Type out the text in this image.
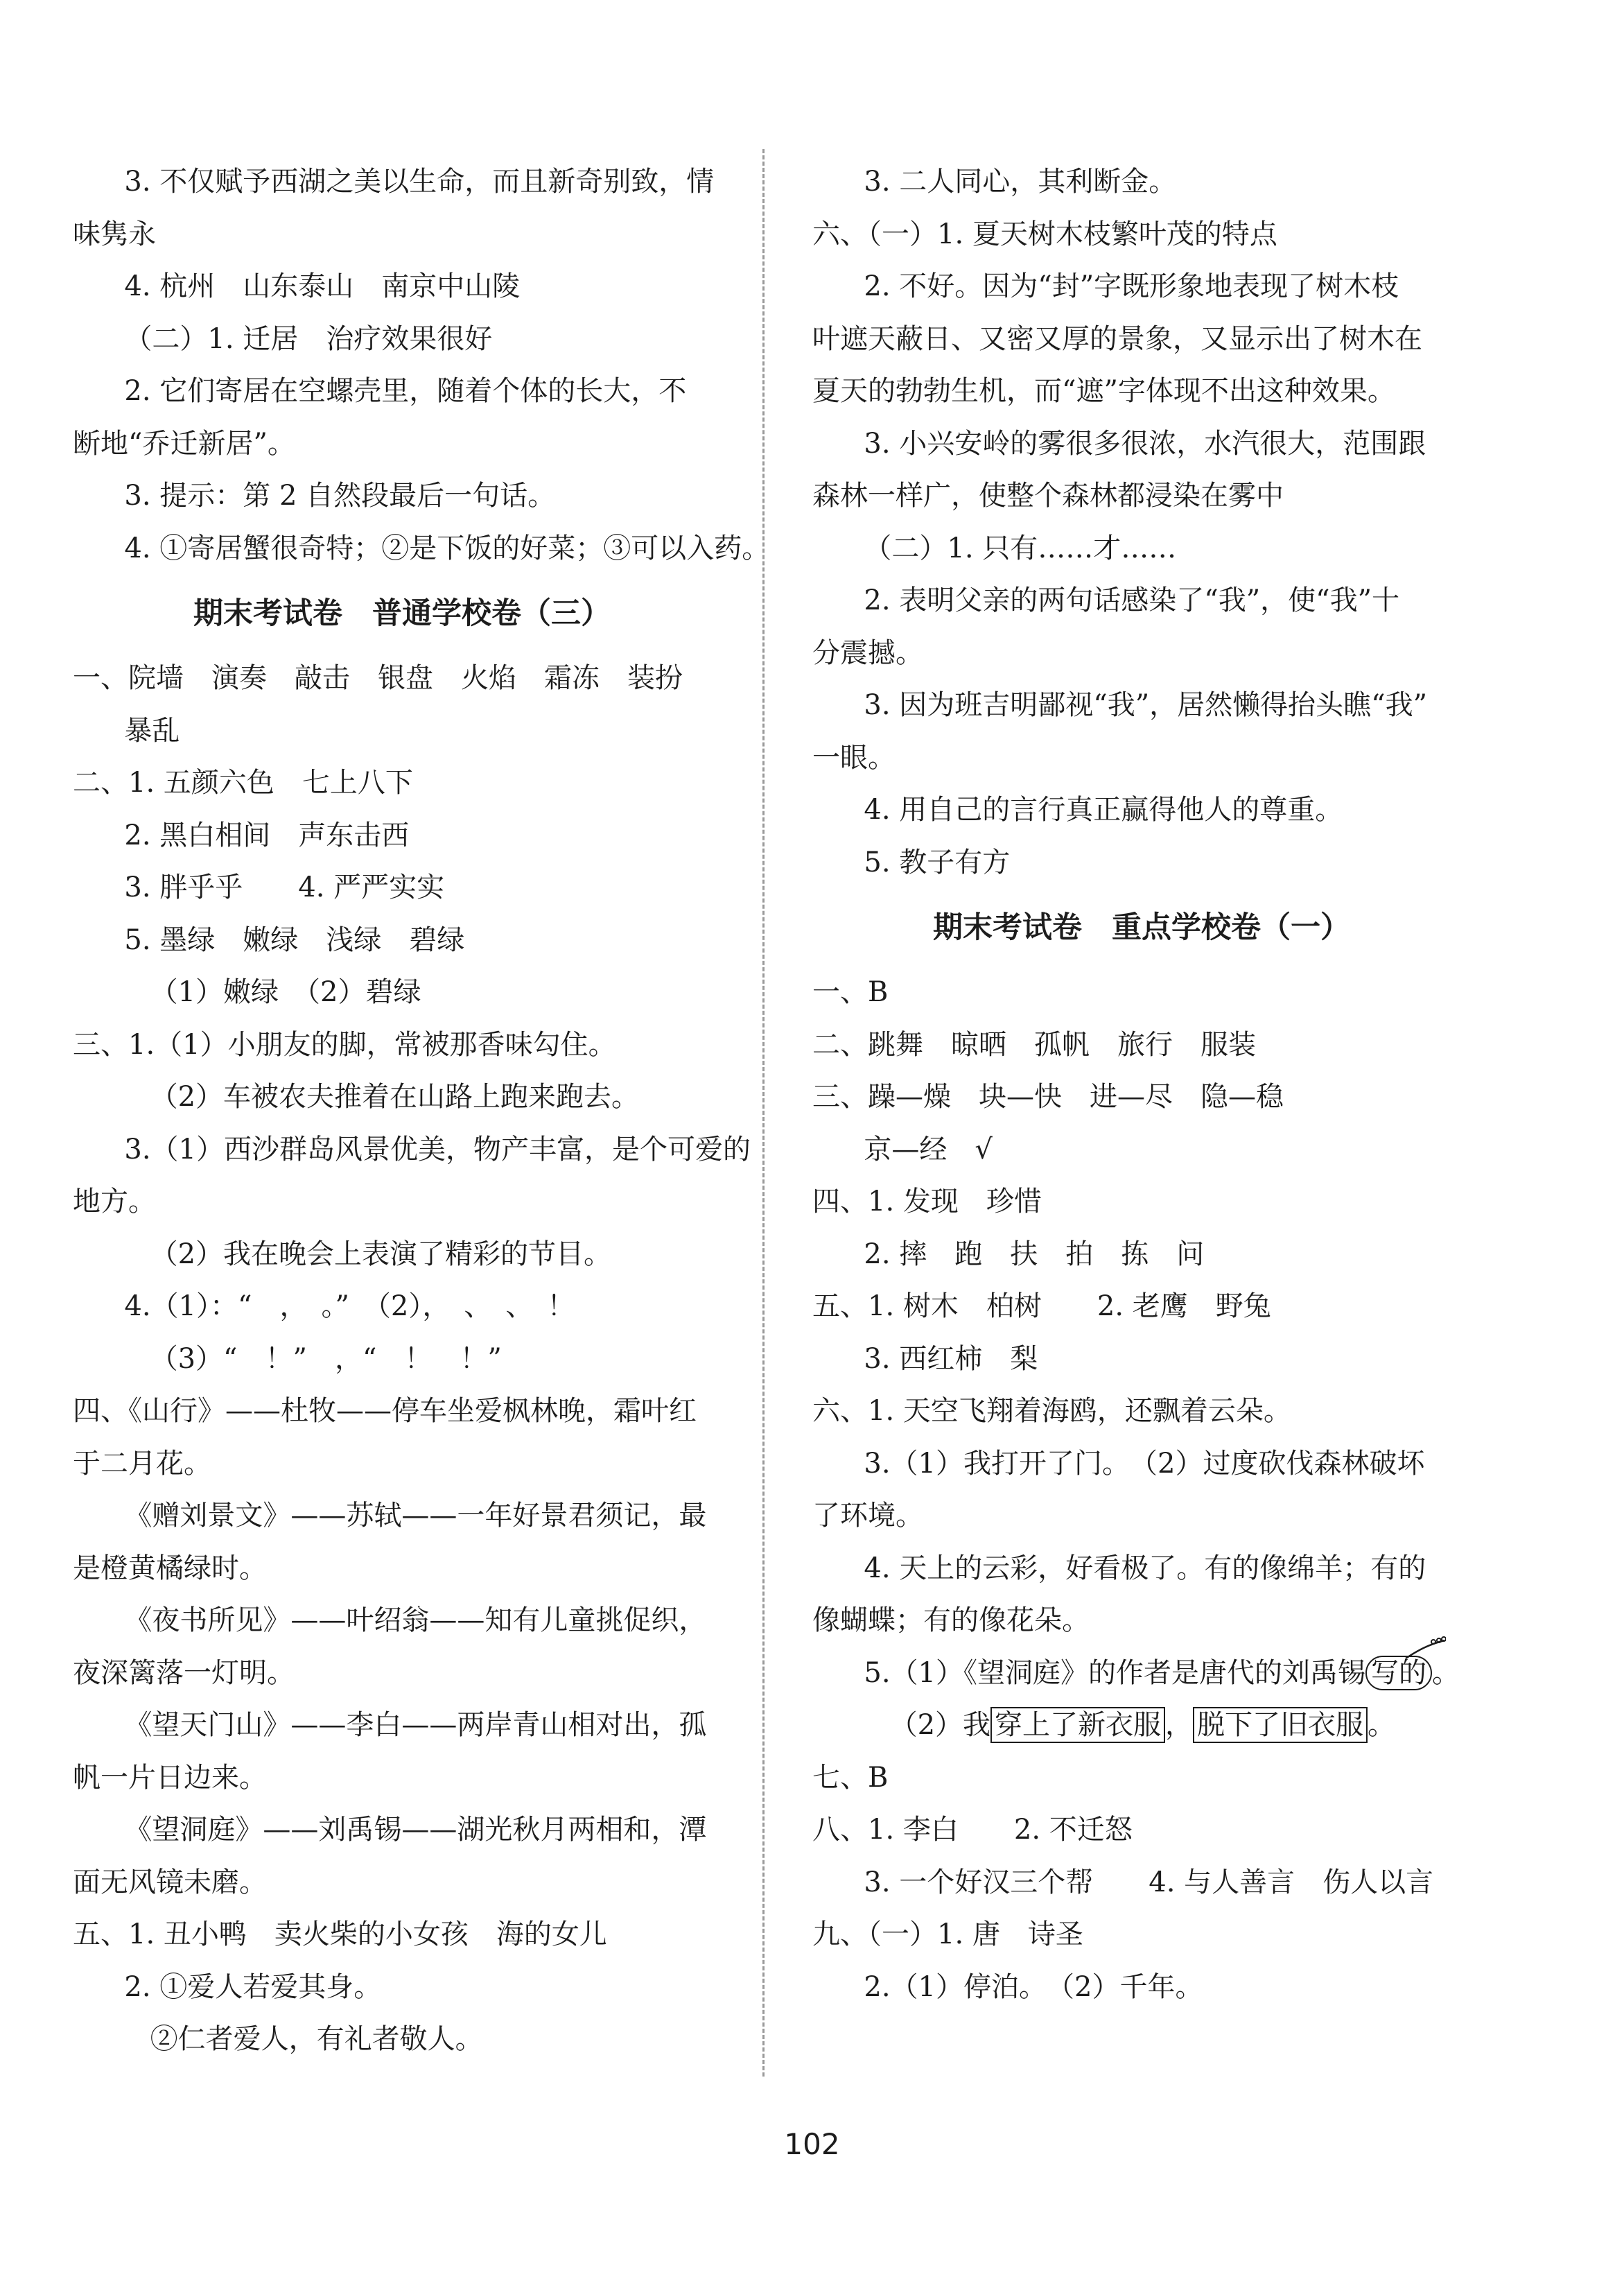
3. 不仅赋予西湖之美以生命，而且新奇别致，情
味隽永
4. 杭州　山东泰山　南京中山陵
（二）1. 迁居　治疗效果很好
2. 它们寄居在空螺壳里，随着个体的长大，不
断地“乔迁新居”。
3. 提示：第 2 自然段最后一句话。
4. ①寄居蟹很奇特；②是下饭的好菜；③可以入药。
期末考试卷　普通学校卷（三）
一、院墙　演奏　敲击　银盘　火焰　霜冻　装扮
暴乱
二、1. 五颜六色　七上八下
2. 黑白相间　声东击西
3. 胖乎乎　　4. 严严实实
5. 墨绿　嫩绿　浅绿　碧绿
（1）嫩绿　（2）碧绿
三、1.（1）小朋友的脚，常被那香味勾住。
（2）车被农夫推着在山路上跑来跑去。
3.（1）西沙群岛风景优美，物产丰富，是个可爱的
地方。
（2）我在晚会上表演了精彩的节目。
4.（1）：“　，　。”　（2），　、　、　！
（3）“　！”　，“　！　！”
四、《山行》——杜牧——停车坐爱枫林晚，霜叶红
于二月花。
《赠刘景文》——苏轼——一年好景君须记，最
是橙黄橘绿时。
《夜书所见》——叶绍翁——知有儿童挑促织，
夜深篱落一灯明。
《望天门山》——李白——两岸青山相对出，孤
帆一片日边来。
《望洞庭》——刘禹锡——湖光秋月两相和，潭
面无风镜未磨。
五、1. 丑小鸭　卖火柴的小女孩　海的女儿
2. ①爱人若爱其身。
②仁者爱人，有礼者敬人。
3. 二人同心，其利断金。
六、（一）1. 夏天树木枝繁叶茂的特点
2. 不好。因为“封”字既形象地表现了树木枝
叶遮天蔽日、又密又厚的景象，又显示出了树木在
夏天的勃勃生机，而“遮”字体现不出这种效果。
3. 小兴安岭的雾很多很浓，水汽很大，范围跟
森林一样广，使整个森林都浸染在雾中
（二）1. 只有……才……
2. 表明父亲的两句话感染了“我”，使“我”十
分震撼。
3. 因为班吉明鄙视“我”，居然懒得抬头瞧“我”
一眼。
4. 用自己的言行真正赢得他人的尊重。
5. 教子有方
期末考试卷　重点学校卷（一）
一、B
二、跳舞　晾晒　孤帆　旅行　服装
三、躁—燥　块—快　进—尽　隐—稳
京—经　√
四、1. 发现　珍惜
2. 摔　跑　扶　拍　拣　问
五、1. 树木　柏树　　2. 老鹰　野兔
3. 西红柿　梨
六、1. 天空飞翔着海鸥，还飘着云朵。
3.（1）我打开了门。　（2）过度砍伐森林破坏
了环境。
4. 天上的云彩，好看极了。有的像绵羊；有的
像蝴蝶；有的像花朵。
5.（1）《望洞庭》的作者是唐代的刘禹锡 写的 。
（2）我 穿上了新衣服 ， 脱下了旧衣服 。
七、B
八、1. 李白　　2. 不迁怒
3. 一个好汉三个帮　　4. 与人善言　伤人以言
九、（一）1. 唐　诗圣
2.（1）停泊。　（2）千年。
102
